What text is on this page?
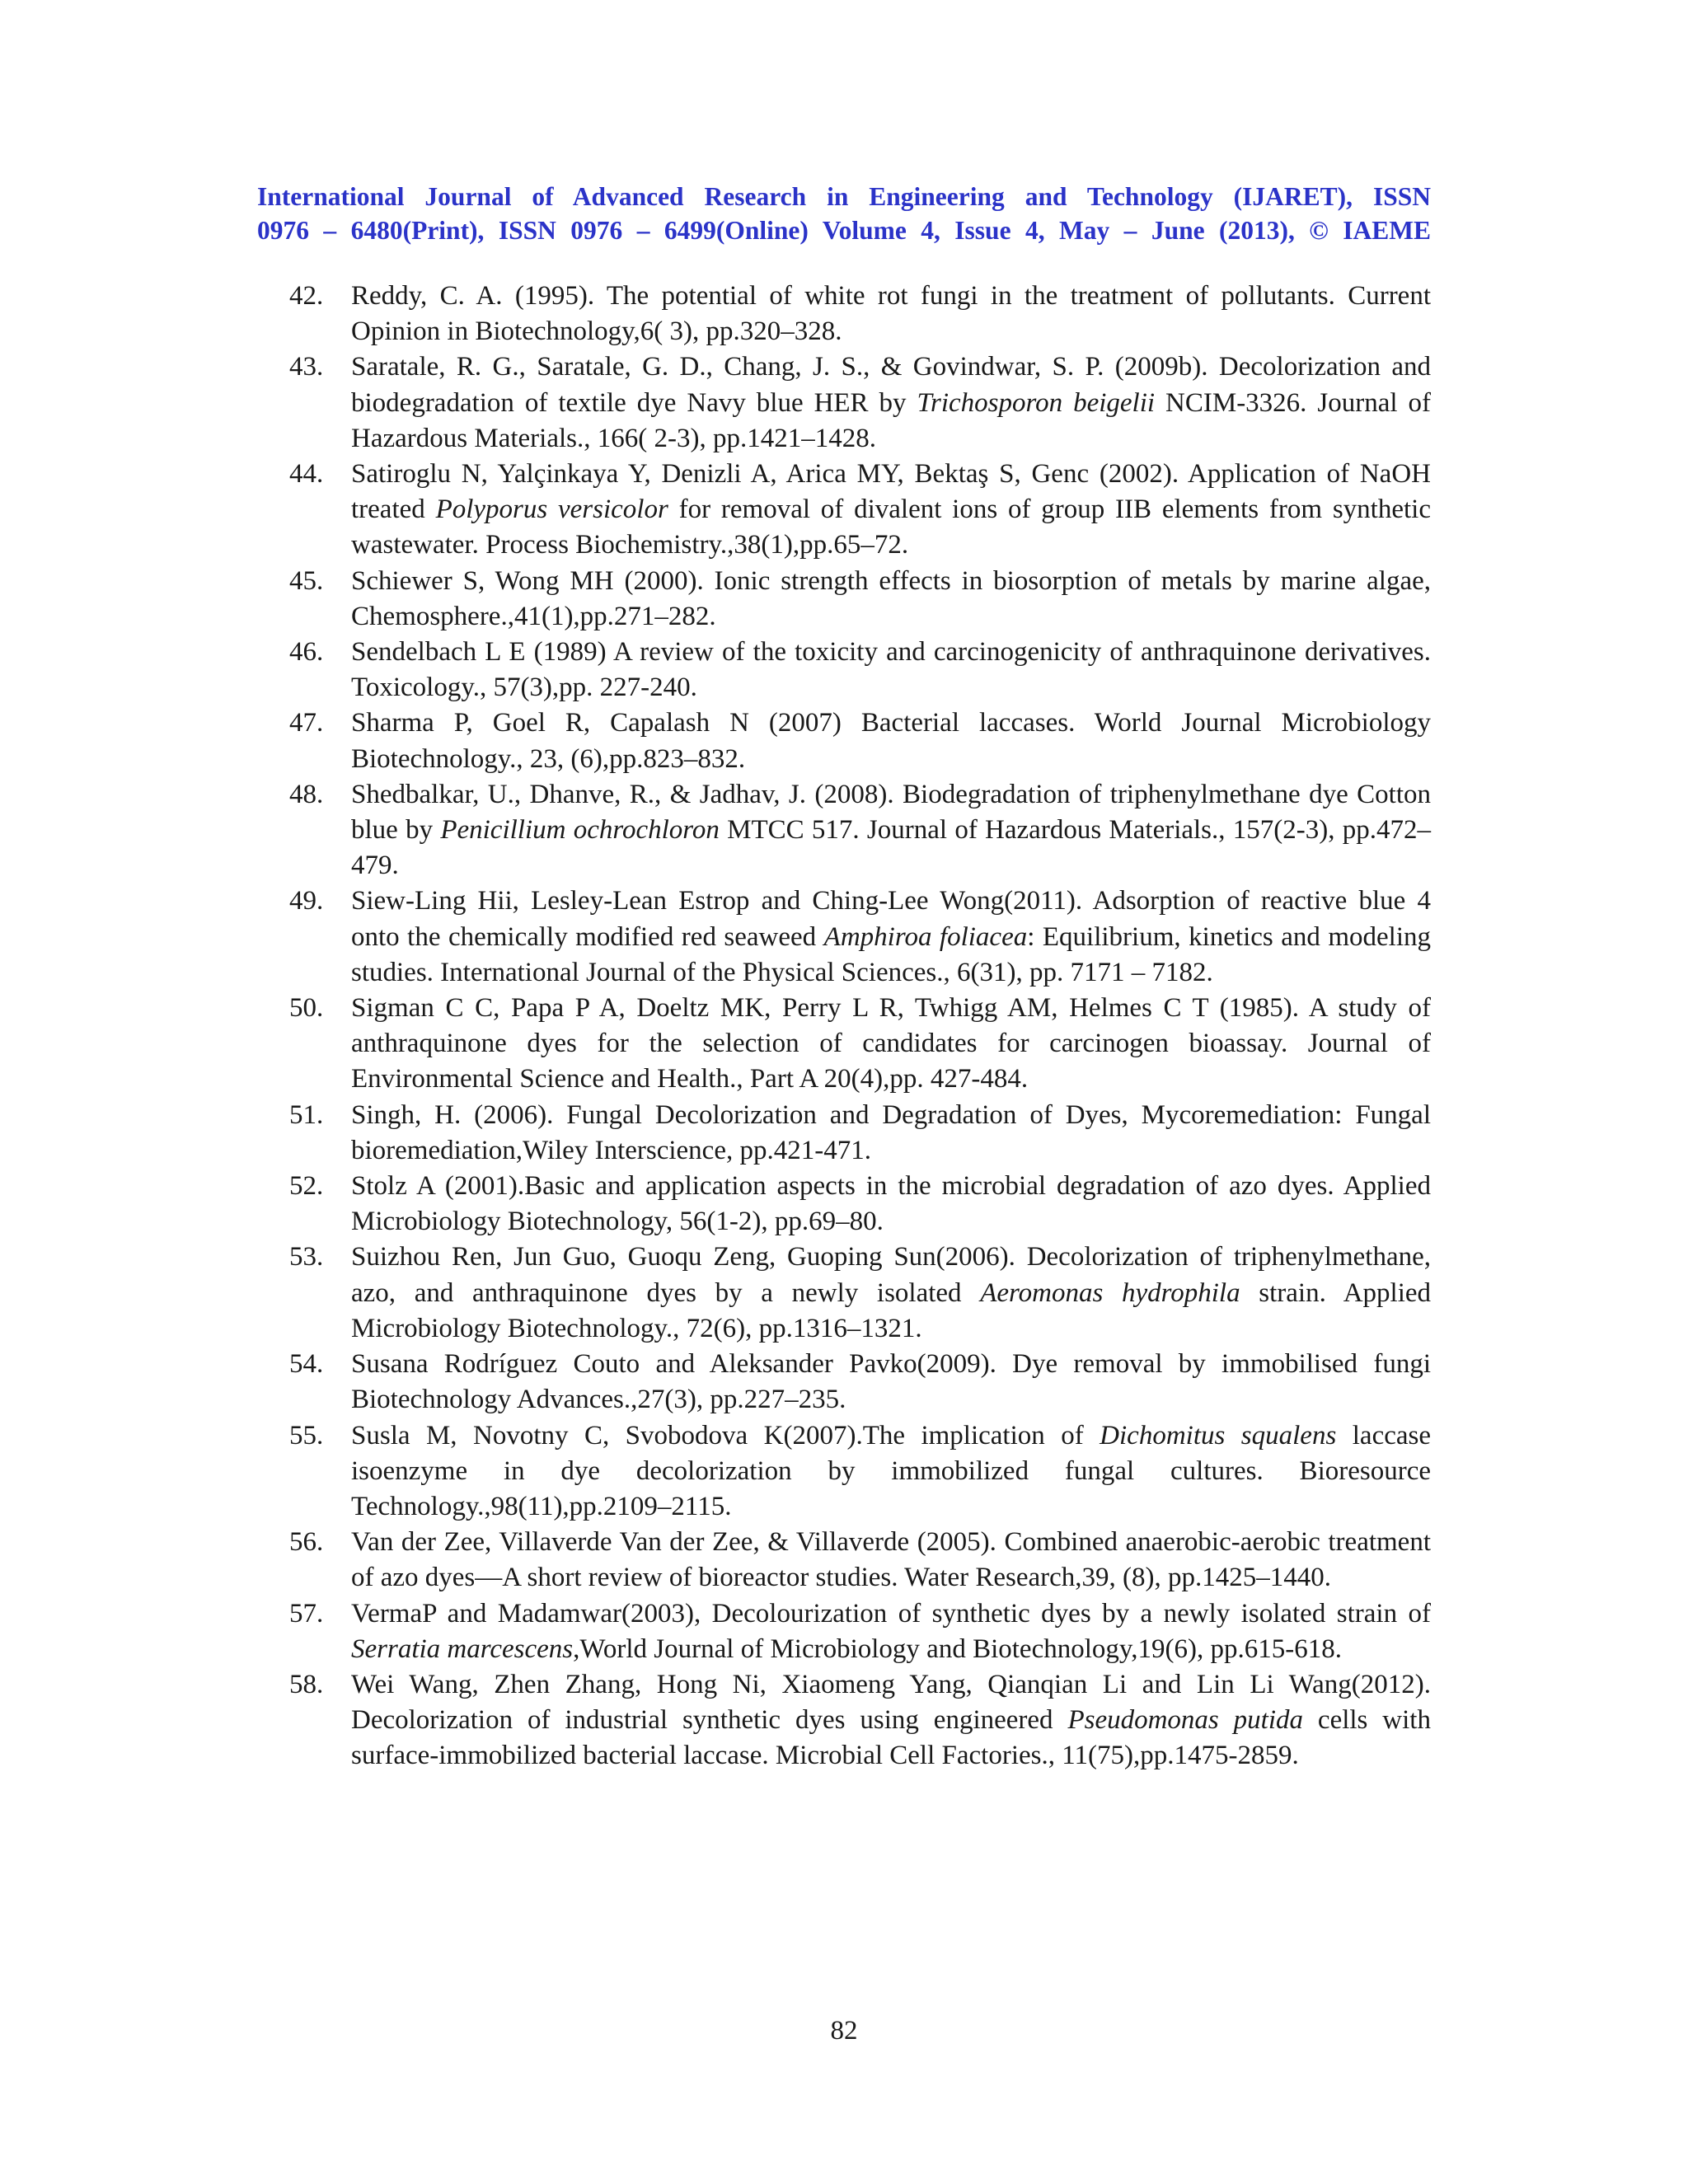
International Journal of Advanced Research in Engineering and Technology (IJARET), ISSN
0976 – 6480(Print), ISSN 0976 – 6499(Online) Volume 4, Issue 4, May – June (2013), © IAEME
42. Reddy, C. A. (1995). The potential of white rot fungi in the treatment of pollutants. Current Opinion in Biotechnology,6( 3), pp.320–328.
43. Saratale, R. G., Saratale, G. D., Chang, J. S., & Govindwar, S. P. (2009b). Decolorization and biodegradation of textile dye Navy blue HER by Trichosporon beigelii NCIM-3326. Journal of Hazardous Materials., 166( 2-3), pp.1421–1428.
44. Satiroglu N, Yalçinkaya Y, Denizli A, Arica MY, Bektaş S, Genc (2002). Application of NaOH treated Polyporus versicolor for removal of divalent ions of group IIB elements from synthetic wastewater. Process Biochemistry.,38(1),pp.65–72.
45. Schiewer S, Wong MH (2000). Ionic strength effects in biosorption of metals by marine algae, Chemosphere.,41(1),pp.271–282.
46. Sendelbach L E (1989) A review of the toxicity and carcinogenicity of anthraquinone derivatives. Toxicology., 57(3),pp. 227-240.
47. Sharma P, Goel R, Capalash N (2007) Bacterial laccases. World Journal Microbiology Biotechnology., 23, (6),pp.823–832.
48. Shedbalkar, U., Dhanve, R., & Jadhav, J. (2008). Biodegradation of triphenylmethane dye Cotton blue by Penicillium ochrochloron MTCC 517. Journal of Hazardous Materials., 157(2-3), pp.472–479.
49. Siew-Ling Hii, Lesley-Lean Estrop and Ching-Lee Wong(2011). Adsorption of reactive blue 4 onto the chemically modified red seaweed Amphiroa foliacea: Equilibrium, kinetics and modeling studies. International Journal of the Physical Sciences., 6(31), pp. 7171 – 7182.
50. Sigman C C, Papa P A, Doeltz MK, Perry L R, Twhigg AM, Helmes C T (1985). A study of anthraquinone dyes for the selection of candidates for carcinogen bioassay. Journal of Environmental Science and Health., Part A 20(4),pp. 427-484.
51. Singh, H. (2006). Fungal Decolorization and Degradation of Dyes, Mycoremediation: Fungal bioremediation,Wiley Interscience, pp.421-471.
52. Stolz A (2001).Basic and application aspects in the microbial degradation of azo dyes. Applied Microbiology Biotechnology, 56(1-2), pp.69–80.
53. Suizhou Ren, Jun Guo, Guoqu Zeng, Guoping Sun(2006). Decolorization of triphenylmethane, azo, and anthraquinone dyes by a newly isolated Aeromonas hydrophila strain. Applied Microbiology Biotechnology., 72(6), pp.1316–1321.
54. Susana Rodríguez Couto and Aleksander Pavko(2009). Dye removal by immobilised fungi Biotechnology Advances.,27(3), pp.227–235.
55. Susla M, Novotny C, Svobodova K(2007).The implication of Dichomitus squalens laccase isoenzyme in dye decolorization by immobilized fungal cultures. Bioresource Technology.,98(11),pp.2109–2115.
56. Van der Zee, Villaverde Van der Zee, & Villaverde (2005). Combined anaerobic-aerobic treatment of azo dyes—A short review of bioreactor studies. Water Research,39, (8), pp.1425–1440.
57. VermaP and Madamwar(2003), Decolourization of synthetic dyes by a newly isolated strain of Serratia marcescens,World Journal of Microbiology and Biotechnology,19(6), pp.615-618.
58. Wei Wang, Zhen Zhang, Hong Ni, Xiaomeng Yang, Qianqian Li and Lin Li Wang(2012). Decolorization of industrial synthetic dyes using engineered Pseudomonas putida cells with surface-immobilized bacterial laccase. Microbial Cell Factories., 11(75),pp.1475-2859.
82
